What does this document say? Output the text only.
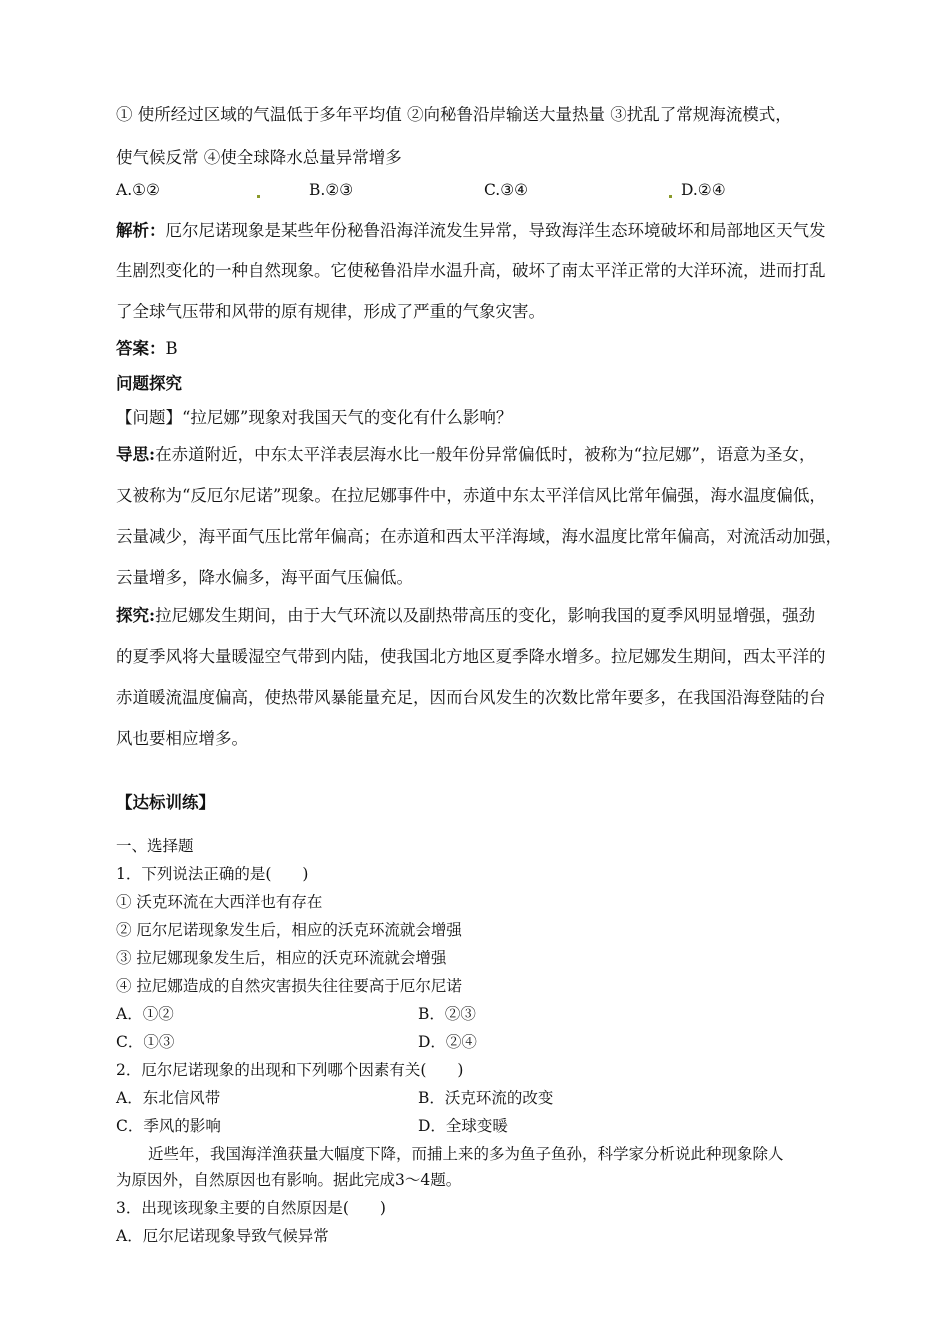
① 使所经过区域的气温低于多年平均值 ②向秘鲁沿岸输送大量热量 ③扰乱了常规海流模式，
使气候反常 ④使全球降水总量异常增多
A.①②	B.②③	C.③④	D.②④
解析：厄尔尼诺现象是某些年份秘鲁沿海洋流发生异常，导致海洋生态环境破坏和局部地区天气发
生剧烈变化的一种自然现象。它使秘鲁沿岸水温升高，破坏了南太平洋正常的大洋环流，进而打乱
了全球气压带和风带的原有规律，形成了严重的气象灾害。
答案：B
问题探究
【问题】“拉尼娜”现象对我国天气的变化有什么影响？
导思:在赤道附近，中东太平洋表层海水比一般年份异常偏低时，被称为“拉尼娜”，语意为圣女，
又被称为“反厄尔尼诺”现象。在拉尼娜事件中，赤道中东太平洋信风比常年偏强，海水温度偏低，
云量减少，海平面气压比常年偏高；在赤道和西太平洋海域，海水温度比常年偏高，对流活动加强，
云量增多，降水偏多，海平面气压偏低。
探究:拉尼娜发生期间，由于大气环流以及副热带高压的变化，影响我国的夏季风明显增强，强劲
的夏季风将大量暖湿空气带到内陆，使我国北方地区夏季降水增多。拉尼娜发生期间，西太平洋的
赤道暖流温度偏高，使热带风暴能量充足，因而台风发生的次数比常年要多，在我国沿海登陆的台
风也要相应增多。
【达标训练】
一、选择题
1．下列说法正确的是(　　)
① 沃克环流在大西洋也有存在
② 厄尔尼诺现象发生后，相应的沃克环流就会增强
③ 拉尼娜现象发生后，相应的沃克环流就会增强
④ 拉尼娜造成的自然灾害损失往往要高于厄尔尼诺
A．①②	B．②③
C．①③	D．②④
2．厄尔尼诺现象的出现和下列哪个因素有关(　　)
A．东北信风带	B．沃克环流的改变
C．季风的影响	D．全球变暖
近些年，我国海洋渔获量大幅度下降，而捕上来的多为鱼子鱼孙，科学家分析说此种现象除人
为原因外，自然原因也有影响。据此完成3～4题。
3．出现该现象主要的自然原因是(　　)
A．厄尔尼诺现象导致气候异常
